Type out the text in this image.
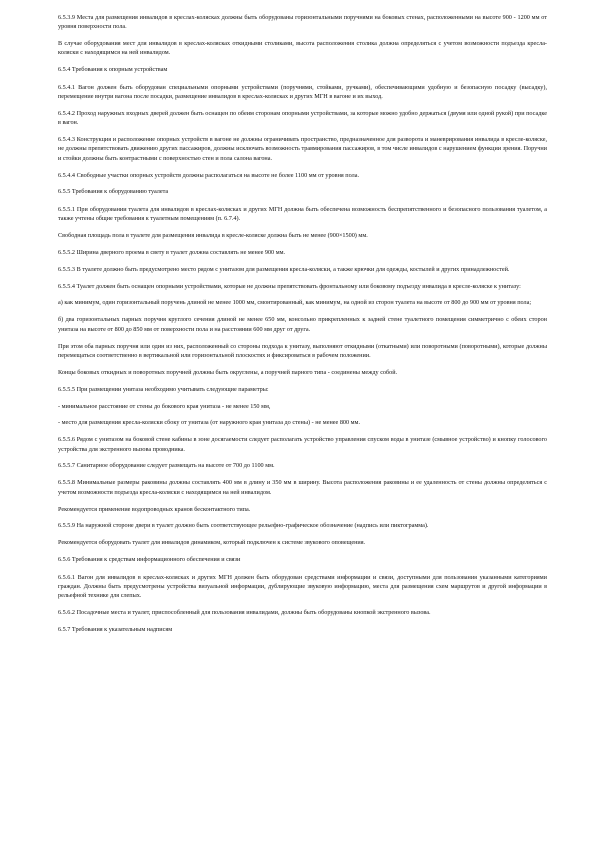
6.5.3.9 Места для размещения инвалидов в креслах-колясках должны быть оборудованы горизонтальными поручнями на боковых стенах, расположенными на высоте 900 - 1200 мм от уровня поверхности пола.

В случае оборудования мест для инвалидов в креслах-колясках откидными столиками, высота расположения столика должна определяться с учетом возможности подъезда кресла-коляски с находящимся на ней инвалидом.

6.5.4 Требования к опорным устройствам

6.5.4.1 Вагон должен быть оборудован специальными опорными устройствами (поручнями, стойками, ручками), обеспечивающими удобную и безопасную посадку (высадку), перемещение внутри вагона после посадки, размещение инвалидов в креслах-колясках и других МГН в вагоне и их выход.

6.5.4.2 Проход наружных входных дверей должен быть оснащен по обеим сторонам опорными устройствами, за которые можно удобно держаться (двумя или одной рукой) при посадке в вагон.

6.5.4.3 Конструкция и расположение опорных устройств в вагоне не должны ограничивать пространство, предназначенное для разворота и маневрирования инвалида в кресле-коляске, не должны препятствовать движению других пассажиров, должны исключать возможность травмирования пассажиров, в том числе инвалидов с нарушением функции зрения. Поручни и стойки должны быть контрастными с поверхностью стен и пола салона вагона.

6.5.4.4 Свободные участки опорных устройств должны располагаться на высоте не более 1100 мм от уровня пола.

6.5.5 Требования к оборудованию туалета

6.5.5.1 При оборудовании туалета для инвалидов в креслах-колясках и других МГН должна быть обеспечена возможность беспрепятственного и безопасного пользования туалетом, а также учтены общие требования к туалетным помещениям (п. 6.7.4).

Свободная площадь пола в туалете для размещения инвалида в кресле-коляске должна быть не менее (900×1500) мм.

6.5.5.2 Ширина дверного проема в свету в туалет должна составлять не менее 900 мм.

6.5.5.3 В туалете должно быть предусмотрено место рядом с унитазом для размещения кресла-коляски, а также крючки для одежды, костылей и других принадлежностей.

6.5.5.4 Туалет должен быть оснащен опорными устройствами, которые не должны препятствовать фронтальному или боковому подъезду инвалида в кресле-коляске к унитазу:

а) как минимум, один горизонтальный поручень длиной не менее 1000 мм, смонтированный, как минимум, на одной из сторон туалета на высоте от 800 до 900 мм от уровня пола;

б) два горизонтальных парных поручня круглого сечения длиной не менее 650 мм, консольно прикрепленных к задней стене туалетного помещения симметрично с обеих сторон унитаза на высоте от 800 до 850 мм от поверхности пола и на расстоянии 600 мм друг от друга.

При этом оба парных поручня или один из них, расположенный со стороны подхода к унитазу, выполняют откидными (откатными) или поворотными (поворотными), которые должны перемещаться соответственно в вертикальной или горизонтальной плоскостях и фиксироваться в рабочем положении.

Концы боковых откидных и поворотных поручней должны быть округлены, а поручней парного типа - соединены между собой.

6.5.5.5 При размещении унитаза необходимо учитывать следующие параметры:

- минимальное расстояние от стены до бокового края унитаза - не менее 150 мм,

- место для размещения кресла-коляски сбоку от унитаза (от наружного края унитаза до стены) - не менее 800 мм.

6.5.5.6 Рядом с унитазом на боковой стене кабины в зоне досягаемости следует располагать устройство управления спуском воды в унитазе (смывное устройство) и кнопку голосового устройства для экстренного вызова проводника.

6.5.5.7 Санитарное оборудование следует размещать на высоте от 700 до 1100 мм.

6.5.5.8 Минимальные размеры раковины должны составлять 400 мм в длину и 350 мм в ширину. Высота расположения раковины и ее удаленность от стены должны определяться с учетом возможности подъезда кресла-коляски с находящимся на ней инвалидом.

Рекомендуется применение водопроводных кранов бесконтактного типа.

6.5.5.9 На наружной стороне двери в туалет должно быть соответствующее рельефно-графическое обозначение (надпись или пиктограмма).

Рекомендуется оборудовать туалет для инвалидов динамиком, который подключен к системе звукового оповещения.

6.5.6 Требования к средствам информационного обеспечения и связи

6.5.6.1 Вагон для инвалидов в креслах-колясках и других МГН должен быть оборудован средствами информации и связи, доступными для пользования указанными категориями граждан. Должны быть предусмотрены устройства визуальной информации, дублирующие звуковую информацию, места для размещения схем маршрутов и другой информации в рельефной технике для слепых.

6.5.6.2 Посадочные места и туалет, приспособленный для пользования инвалидами, должны быть оборудованы кнопкой экстренного вызова.

6.5.7 Требования к указательным надписям
